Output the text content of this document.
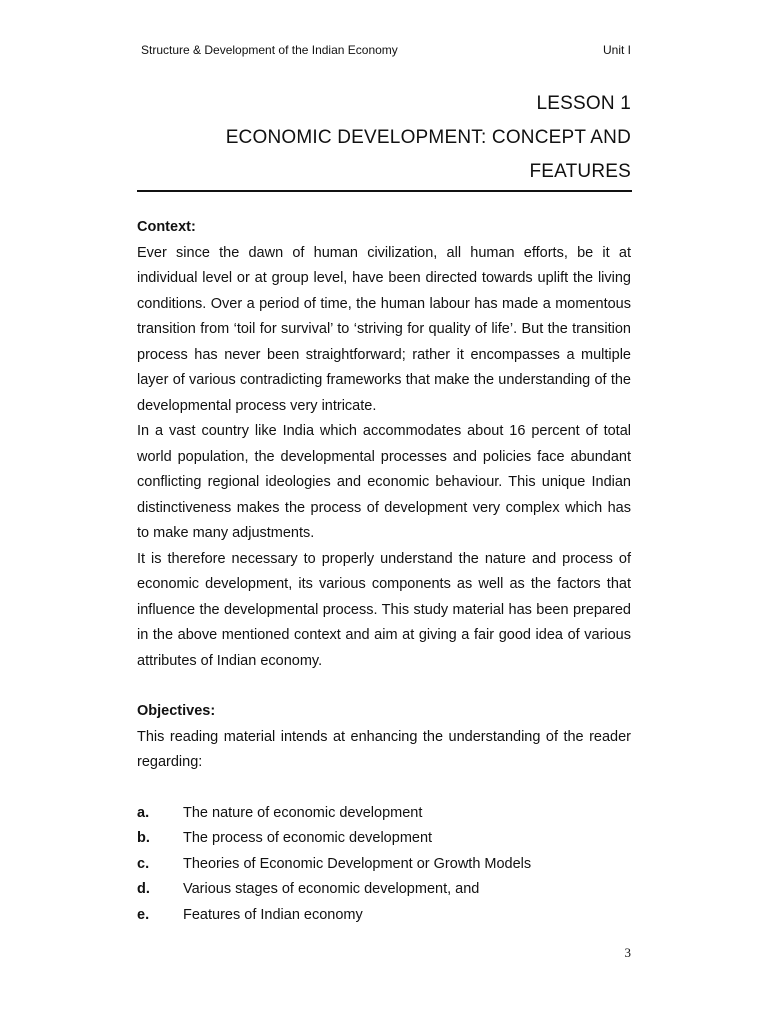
Structure & Development of the Indian Economy	Unit I
LESSON 1
ECONOMIC DEVELOPMENT: CONCEPT AND
FEATURES

Context:

Ever since the dawn of human civilization, all human efforts, be it at individual level or at group level, have been directed towards uplift the living conditions. Over a period of time, the human labour has made a momentous transition from ‘toil for survival’ to ‘striving for quality of life’. But the transition process has never been straightforward; rather it encompasses a multiple layer of various contradicting frameworks that make the understanding of the developmental process very intricate.

In a vast country like India which accommodates about 16 percent of total world population, the developmental processes and policies face abundant conflicting regional ideologies and economic behaviour. This unique Indian distinctiveness makes the process of development very complex which has to make many adjustments.

It is therefore necessary to properly understand the nature and process of economic development, its various components as well as the factors that influence the developmental process. This study material has been prepared in the above mentioned context and aim at giving a fair good idea of various attributes of Indian economy.

Objectives:

This reading material intends at enhancing the understanding of the reader regarding:

a.	The nature of economic development
b.	The process of economic development
c.	Theories of Economic Development or Growth Models
d.	Various stages of economic development, and
e.	Features of Indian economy
3
